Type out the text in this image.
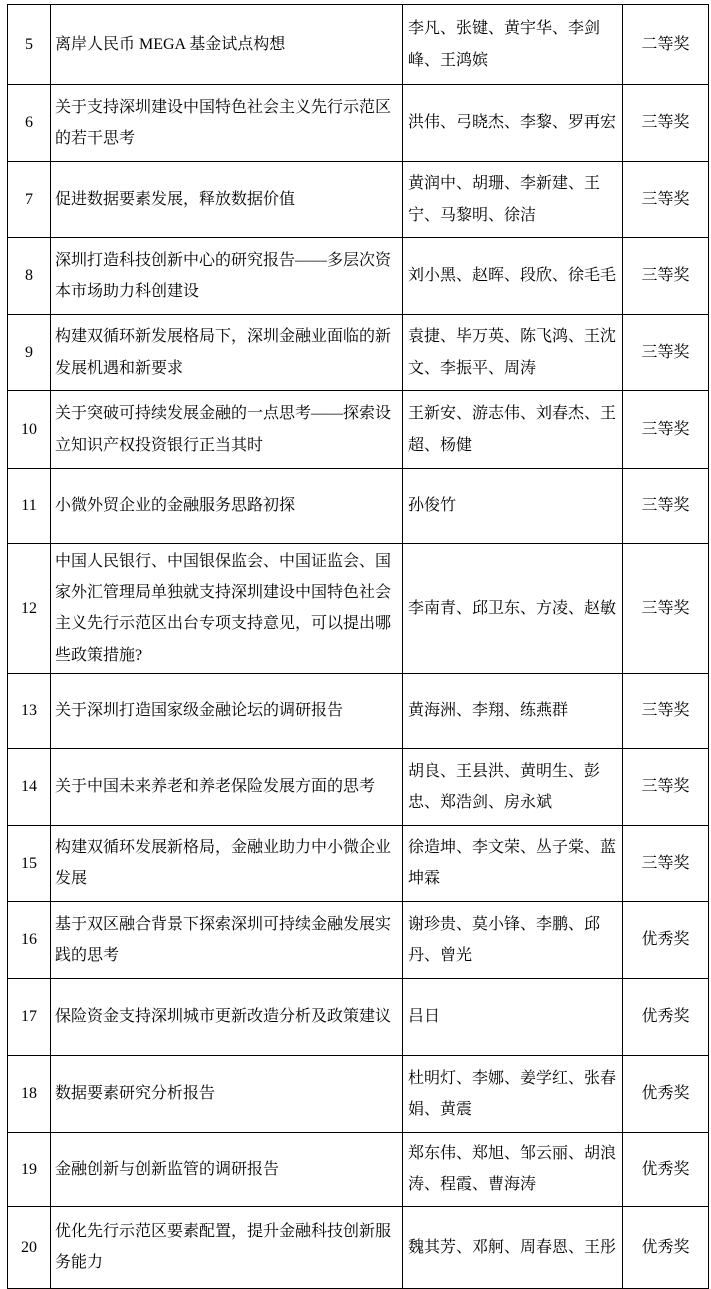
5	离岸人民币 MEGA 基金试点构想	李凡、张键、黄宇华、李剑峰、王鸿嫔	二等奖
6	关于支持深圳建设中国特色社会主义先行示范区的若干思考	洪伟、弓晓杰、李黎、罗再宏	三等奖
7	促进数据要素发展，释放数据价值	黄润中、胡珊、李新建、王宁、马黎明、徐洁	三等奖
8	深圳打造科技创新中心的研究报告——多层次资本市场助力科创建设	刘小黑、赵晖、段欣、徐毛毛	三等奖
9	构建双循环新发展格局下，深圳金融业面临的新发展机遇和新要求	袁捷、毕万英、陈飞鸿、王沈文、李振平、周涛	三等奖
10	关于突破可持续发展金融的一点思考——探索设立知识产权投资银行正当其时	王新安、游志伟、刘春杰、王超、杨健	三等奖
11	小微外贸企业的金融服务思路初探	孙俊竹	三等奖
12	中国人民银行、中国银保监会、中国证监会、国家外汇管理局单独就支持深圳建设中国特色社会主义先行示范区出台专项支持意见，可以提出哪些政策措施?	李南青、邱卫东、方凌、赵敏	三等奖
13	关于深圳打造国家级金融论坛的调研报告	黄海洲、李翔、练燕群	三等奖
14	关于中国未来养老和养老保险发展方面的思考	胡良、王县洪、黄明生、彭忠、郑浩剑、房永斌	三等奖
15	构建双循环发展新格局，金融业助力中小微企业发展	徐造坤、李文荣、丛子棠、蓝坤霖	三等奖
16	基于双区融合背景下探索深圳可持续金融发展实践的思考	谢珍贵、莫小锋、李鹏、邱丹、曾光	优秀奖
17	保险资金支持深圳城市更新改造分析及政策建议	吕日	优秀奖
18	数据要素研究分析报告	杜明灯、李娜、姜学红、张春娟、黄震	优秀奖
19	金融创新与创新监管的调研报告	郑东伟、郑旭、邹云丽、胡浪涛、程霞、曹海涛	优秀奖
20	优化先行示范区要素配置，提升金融科技创新服务能力	魏其芳、邓舸、周春恩、王彤	优秀奖
